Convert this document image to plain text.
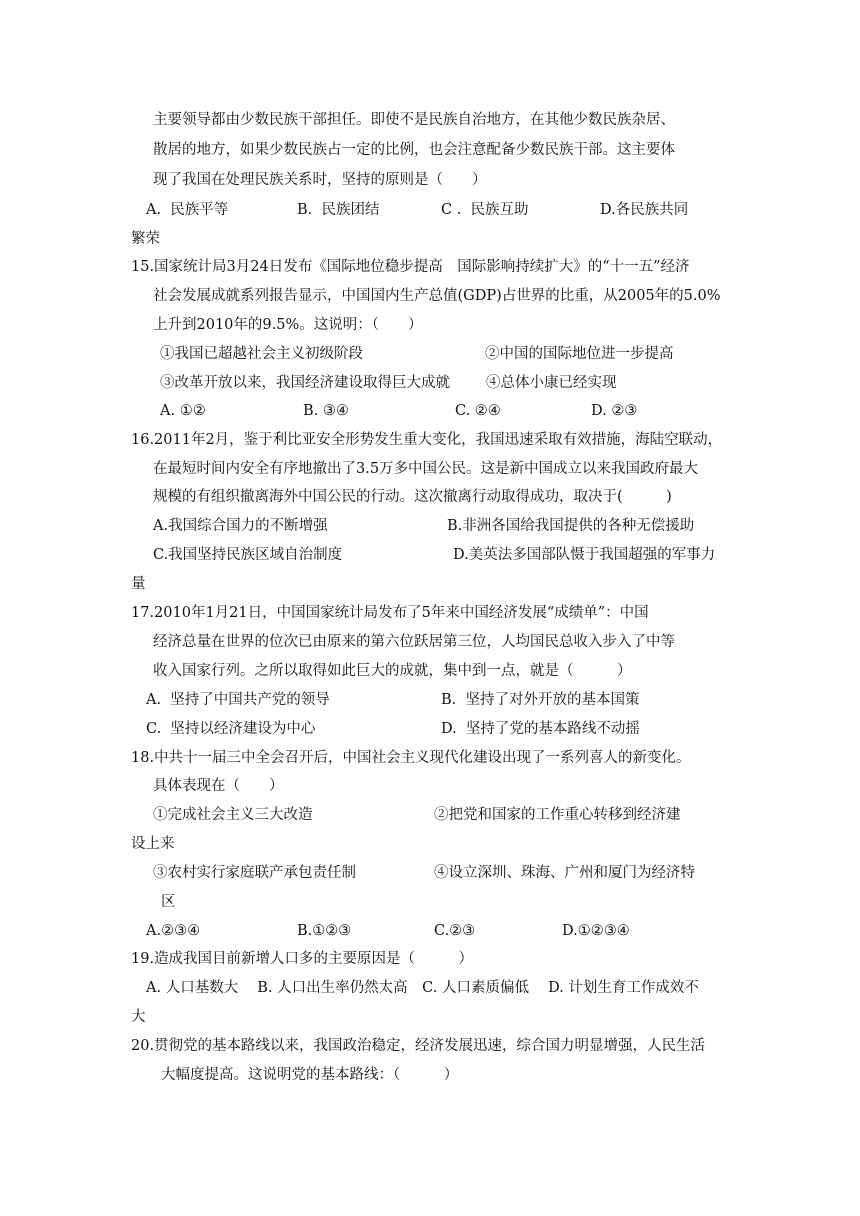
主要领导都由少数民族干部担任。即使不是民族自治地方，在其他少数民族杂居、
散居的地方，如果少数民族占一定的比例，也会注意配备少数民族干部。这主要体
现了我国在处理民族关系时，坚持的原则是（　　）
A.  民族平等	B.  民族团结	C .  民族互助	D.各民族共同
繁荣
15.国家统计局3月24日发布《国际地位稳步提高　国际影响持续扩大》的“十一五”经济
社会发展成就系列报告显示，中国国内生产总值(GDP)占世界的比重，从2005年的5.0%
上升到2010年的9.5%。这说明：（　　）
①我国已超越社会主义初级阶段	②中国的国际地位进一步提高
③改革开放以来，我国经济建设取得巨大成就 ④总体小康已经实现
A. ①②	B. ③④	C. ②④	D. ②③
16.2011年2月，鉴于利比亚安全形势发生重大变化，我国迅速采取有效措施，海陆空联动，
在最短时间内安全有序地撤出了3.5万多中国公民。这是新中国成立以来我国政府最大
规模的有组织撤离海外中国公民的行动。这次撤离行动取得成功，取决于(　　　)
A.我国综合国力的不断增强	B.非洲各国给我国提供的各种无偿援助
C.我国坚持民族区域自治制度	D.美英法多国部队慑于我国超强的军事力
量
17.2010年1月21日，中国国家统计局发布了5年来中国经济发展“成绩单”：中国
经济总量在世界的位次已由原来的第六位跃居第三位，人均国民总收入步入了中等
收入国家行列。之所以取得如此巨大的成就，集中到一点，就是（　　　）
A.  坚持了中国共产党的领导	B.  坚持了对外开放的基本国策
C.  坚持以经济建设为中心	D.  坚持了党的基本路线不动摇
18.中共十一届三中全会召开后，中国社会主义现代化建设出现了一系列喜人的新变化。
具体表现在（　　）
①完成社会主义三大改造	②把党和国家的工作重心转移到经济建
设上来
③农村实行家庭联产承包责任制	④设立深圳、珠海、广州和厦门为经济特
区
A.②③④	B.①②③	C.②③	D.①②③④
19.造成我国目前新增人口多的主要原因是（　　　）
A. 人口基数大　 B. 人口出生率仍然太高　C. 人口素质偏低　 D. 计划生育工作成效不
大
20.贯彻党的基本路线以来，我国政治稳定，经济发展迅速，综合国力明显增强，人民生活
大幅度提高。这说明党的基本路线：（　　　）
